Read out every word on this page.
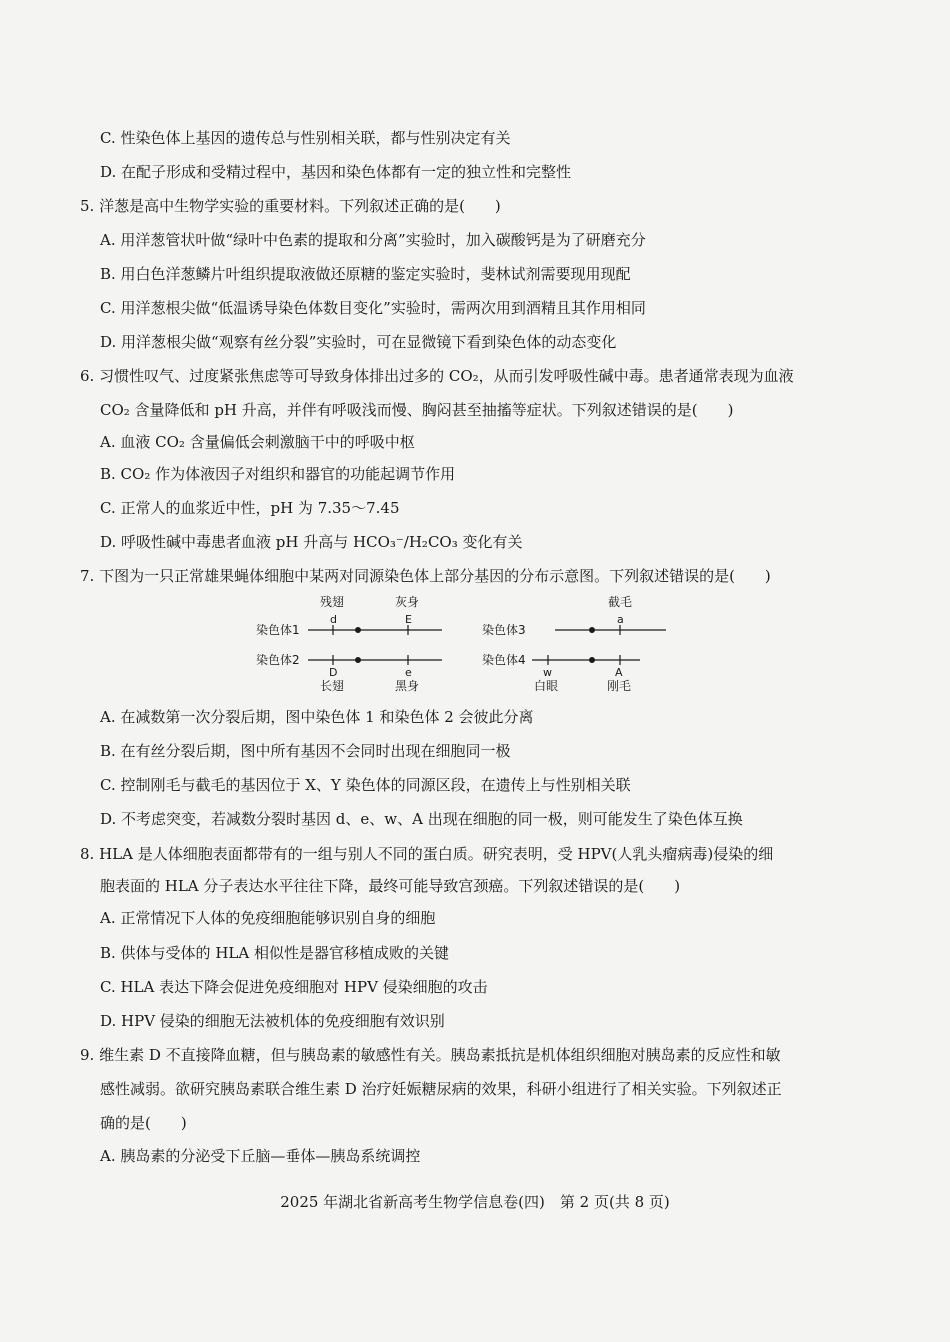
C. 性染色体上基因的遗传总与性别相关联，都与性别决定有关
D. 在配子形成和受精过程中，基因和染色体都有一定的独立性和完整性
5. 洋葱是高中生物学实验的重要材料。下列叙述正确的是(　　)
A. 用洋葱管状叶做“绿叶中色素的提取和分离”实验时，加入碳酸钙是为了研磨充分
B. 用白色洋葱鳞片叶组织提取液做还原糖的鉴定实验时，斐林试剂需要现用现配
C. 用洋葱根尖做“低温诱导染色体数目变化”实验时，需两次用到酒精且其作用相同
D. 用洋葱根尖做“观察有丝分裂”实验时，可在显微镜下看到染色体的动态变化
6. 习惯性叹气、过度紧张焦虑等可导致身体排出过多的 CO₂，从而引发呼吸性碱中毒。患者通常表现为血液
CO₂ 含量降低和 pH 升高，并伴有呼吸浅而慢、胸闷甚至抽搐等症状。下列叙述错误的是(　　)
A. 血液 CO₂ 含量偏低会刺激脑干中的呼吸中枢
B. CO₂ 作为体液因子对组织和器官的功能起调节作用
C. 正常人的血浆近中性，pH 为 7.35～7.45
D. 呼吸性碱中毒患者血液 pH 升高与 HCO₃⁻/H₂CO₃ 变化有关
7. 下图为一只正常雄果蝇体细胞中某两对同源染色体上部分基因的分布示意图。下列叙述错误的是(　　)
残翅	灰身
d	E
染色体1
染色体2
D	e
长翅	黑身
截毛
a
染色体3
染色体4
w	A
白眼	刚毛
A. 在减数第一次分裂后期，图中染色体 1 和染色体 2 会彼此分离
B. 在有丝分裂后期，图中所有基因不会同时出现在细胞同一极
C. 控制刚毛与截毛的基因位于 X、Y 染色体的同源区段，在遗传上与性别相关联
D. 不考虑突变，若减数分裂时基因 d、e、w、A 出现在细胞的同一极，则可能发生了染色体互换
8. HLA 是人体细胞表面都带有的一组与别人不同的蛋白质。研究表明，受 HPV(人乳头瘤病毒)侵染的细
胞表面的 HLA 分子表达水平往往下降，最终可能导致宫颈癌。下列叙述错误的是(　　)
A. 正常情况下人体的免疫细胞能够识别自身的细胞
B. 供体与受体的 HLA 相似性是器官移植成败的关键
C. HLA 表达下降会促进免疫细胞对 HPV 侵染细胞的攻击
D. HPV 侵染的细胞无法被机体的免疫细胞有效识别
9. 维生素 D 不直接降血糖，但与胰岛素的敏感性有关。胰岛素抵抗是机体组织细胞对胰岛素的反应性和敏
感性减弱。欲研究胰岛素联合维生素 D 治疗妊娠糖尿病的效果，科研小组进行了相关实验。下列叙述正
确的是(　　)
A. 胰岛素的分泌受下丘脑—垂体—胰岛系统调控
2025 年湖北省新高考生物学信息卷(四)　第 2 页(共 8 页)
